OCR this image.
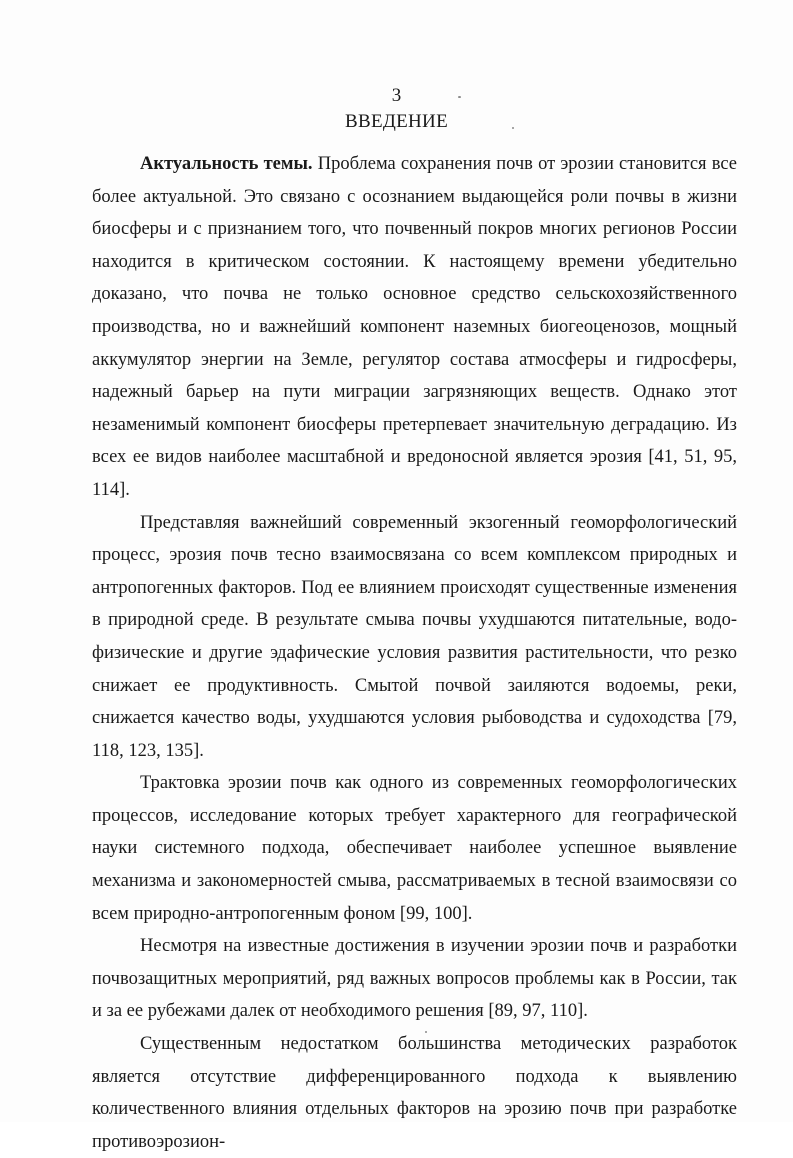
3
ВВЕДЕНИЕ

Актуальность темы. Проблема сохранения почв от эрозии становится все более актуальной. Это связано с осознанием выдающейся роли почвы в жизни биосферы и с признанием того, что почвенный покров многих регионов России находится в критическом состоянии. К настоящему времени убедительно доказано, что почва не только основное средство сельскохозяйственного производства, но и важнейший компонент наземных биогеоценозов, мощный аккумулятор энергии на Земле, регулятор состава атмосферы и гидросферы, надежный барьер на пути миграции загрязняющих веществ. Однако этот незаменимый компонент биосферы претерпевает значительную деградацию. Из всех ее видов наиболее масштабной и вредоносной является эрозия [41, 51, 95, 114].

Представляя важнейший современный экзогенный геоморфологический процесс, эрозия почв тесно взаимосвязана со всем комплексом природных и антропогенных факторов. Под ее влиянием происходят существенные изменения в природной среде. В результате смыва почвы ухудшаются питательные, водо-физические и другие эдафические условия развития растительности, что резко снижает ее продуктивность. Смытой почвой заиляются водоемы, реки, снижается качество воды, ухудшаются условия рыбоводства и судоходства [79, 118, 123, 135].

Трактовка эрозии почв как одного из современных геоморфологических процессов, исследование которых требует характерного для географической науки системного подхода, обеспечивает наиболее успешное выявление механизма и закономерностей смыва, рассматриваемых в тесной взаимосвязи со всем природно-антропогенным фоном [99, 100].

Несмотря на известные достижения в изучении эрозии почв и разработки почвозащитных мероприятий, ряд важных вопросов проблемы как в России, так и за ее рубежами далек от необходимого решения [89, 97, 110].

Существенным недостатком большинства методических разработок является отсутствие дифференцированного подхода к выявлению количественного влияния отдельных факторов на эрозию почв при разработке противоэрозион-
